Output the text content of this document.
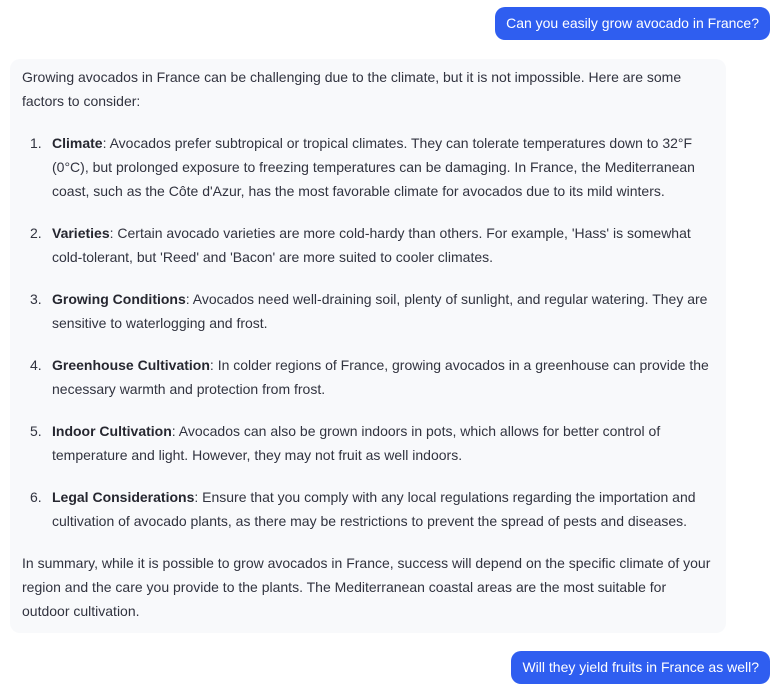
Can you easily grow avocado in France?

Growing avocados in France can be challenging due to the climate, but it is not impossible. Here are some factors to consider:

1. Climate: Avocados prefer subtropical or tropical climates. They can tolerate temperatures down to 32°F (0°C), but prolonged exposure to freezing temperatures can be damaging. In France, the Mediterranean coast, such as the Côte d'Azur, has the most favorable climate for avocados due to its mild winters.
2. Varieties: Certain avocado varieties are more cold-hardy than others. For example, 'Hass' is somewhat cold-tolerant, but 'Reed' and 'Bacon' are more suited to cooler climates.
3. Growing Conditions: Avocados need well-draining soil, plenty of sunlight, and regular watering. They are sensitive to waterlogging and frost.
4. Greenhouse Cultivation: In colder regions of France, growing avocados in a greenhouse can provide the necessary warmth and protection from frost.
5. Indoor Cultivation: Avocados can also be grown indoors in pots, which allows for better control of temperature and light. However, they may not fruit as well indoors.
6. Legal Considerations: Ensure that you comply with any local regulations regarding the importation and cultivation of avocado plants, as there may be restrictions to prevent the spread of pests and diseases.

In summary, while it is possible to grow avocados in France, success will depend on the specific climate of your region and the care you provide to the plants. The Mediterranean coastal areas are the most suitable for outdoor cultivation.

Will they yield fruits in France as well?
